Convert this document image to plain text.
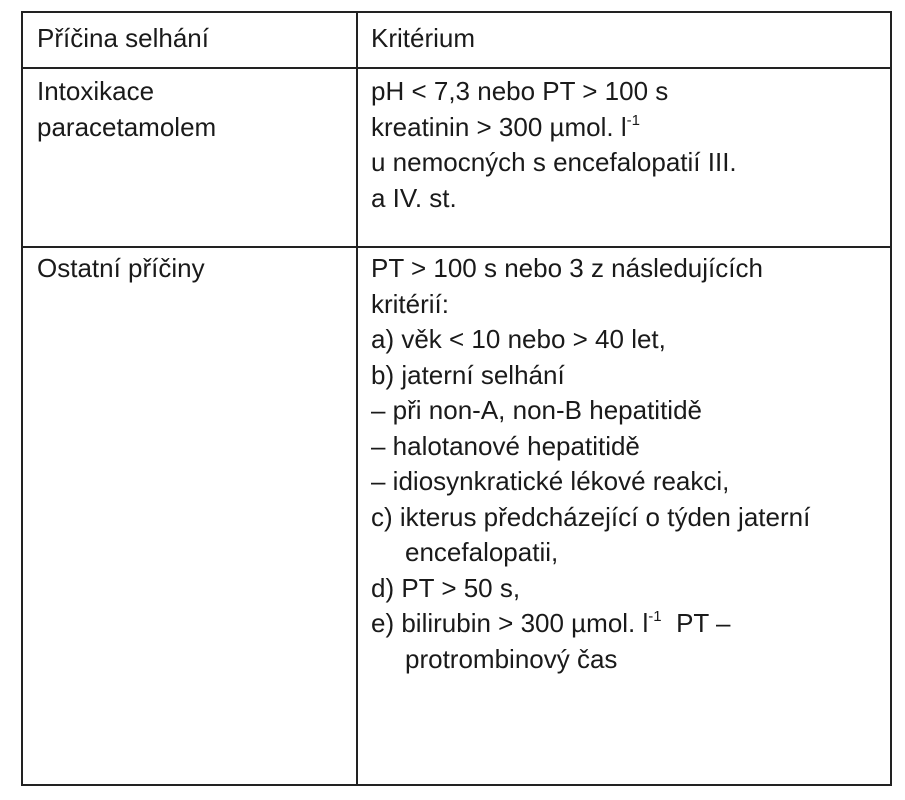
Příčina selhání	Kritérium
Intoxikace
paracetamolem
pH < 7,3 nebo PT > 100 s
kreatinin > 300 µmol. $l^{-1}$
u nemocných s encefalopatií III.
a IV. st.
Ostatní příčiny	PT > 100 s nebo 3 z následujících
kritérií:
a) věk < 10 nebo > 40 let,
b) jaterní selhání
– při non-A, non-B hepatitidě
– halotanové hepatitidě
– idiosynkratické lékové reakci,
c) ikterus předcházející o týden jaterní
encefalopatii,
d) PT > 50 s,
e) bilirubin > 300 µmol. $l^{-1}$  PT –
protrombinový čas
